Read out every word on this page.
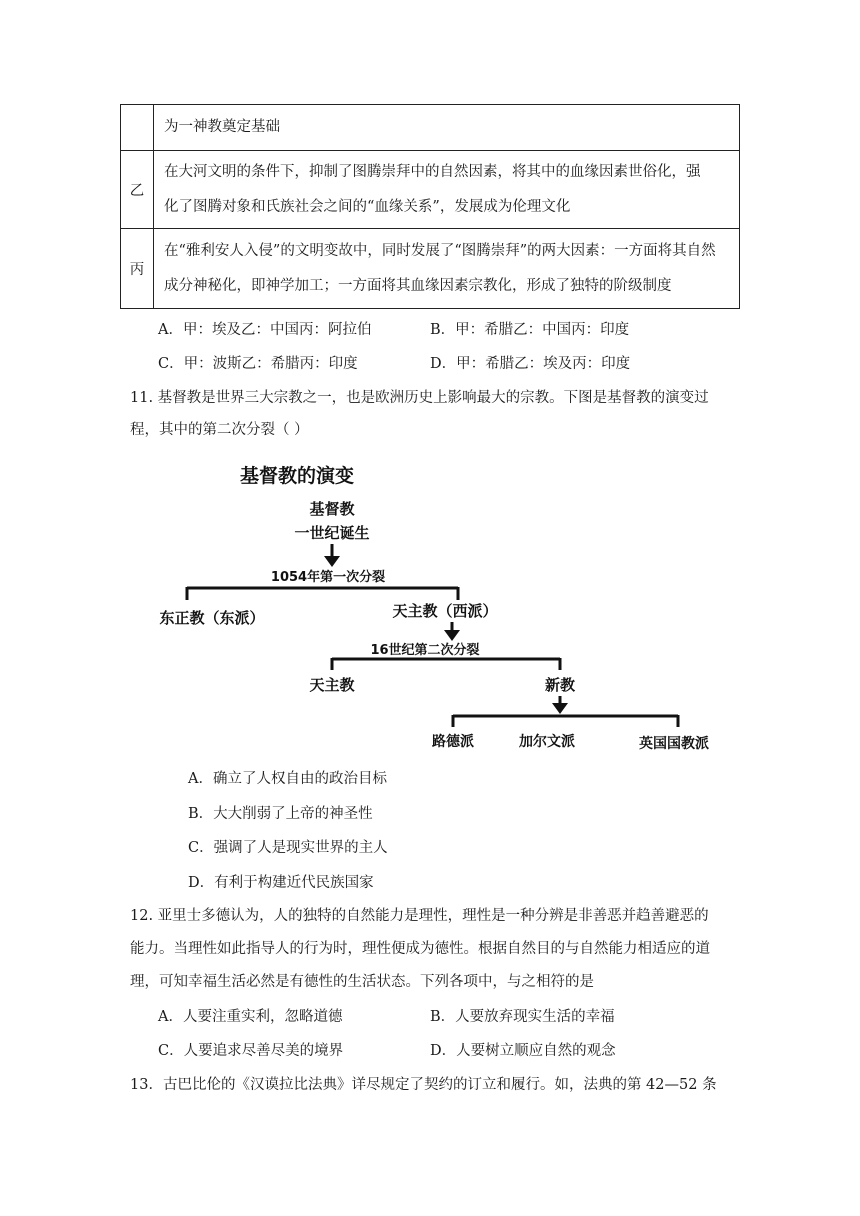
	为一神教奠定基础

乙	在大河文明的条件下，抑制了图腾崇拜中的自然因素，将其中的血缘因素世俗化，强
化了图腾对象和氏族社会之间的“血缘关系”，发展成为伦理文化

丙	在“雅利安人入侵”的文明变故中，同时发展了“图腾崇拜”的两大因素：一方面将其自然
成分神秘化，即神学加工；一方面将其血缘因素宗教化，形成了独特的阶级制度
A．甲：埃及乙：中国丙：阿拉伯	B．甲：希腊乙：中国丙：印度
C．甲：波斯乙：希腊丙：印度	D．甲：希腊乙：埃及丙：印度
11. 基督教是世界三大宗教之一，也是欧洲历史上影响最大的宗教。下图是基督教的演变过
程，其中的第二次分裂（ ）
基督教的演变
基督教
一世纪诞生
1054年第一次分裂
东正教（东派）	天主教（西派）
16世纪第二次分裂
天主教	新教
路德派	加尔文派	英国国教派
A．确立了人权自由的政治目标
B．大大削弱了上帝的神圣性
C．强调了人是现实世界的主人
D．有利于构建近代民族国家
12. 亚里士多德认为，人的独特的自然能力是理性，理性是一种分辨是非善恶并趋善避恶的
能力。当理性如此指导人的行为时，理性便成为德性。根据自然目的与自然能力相适应的道
理，可知幸福生活必然是有德性的生活状态。下列各项中，与之相符的是
A．人要注重实利，忽略道德	B．人要放弃现实生活的幸福
C．人要追求尽善尽美的境界	D．人要树立顺应自然的观念
13．古巴比伦的《汉谟拉比法典》详尽规定了契约的订立和履行。如，法典的第 42—52 条
